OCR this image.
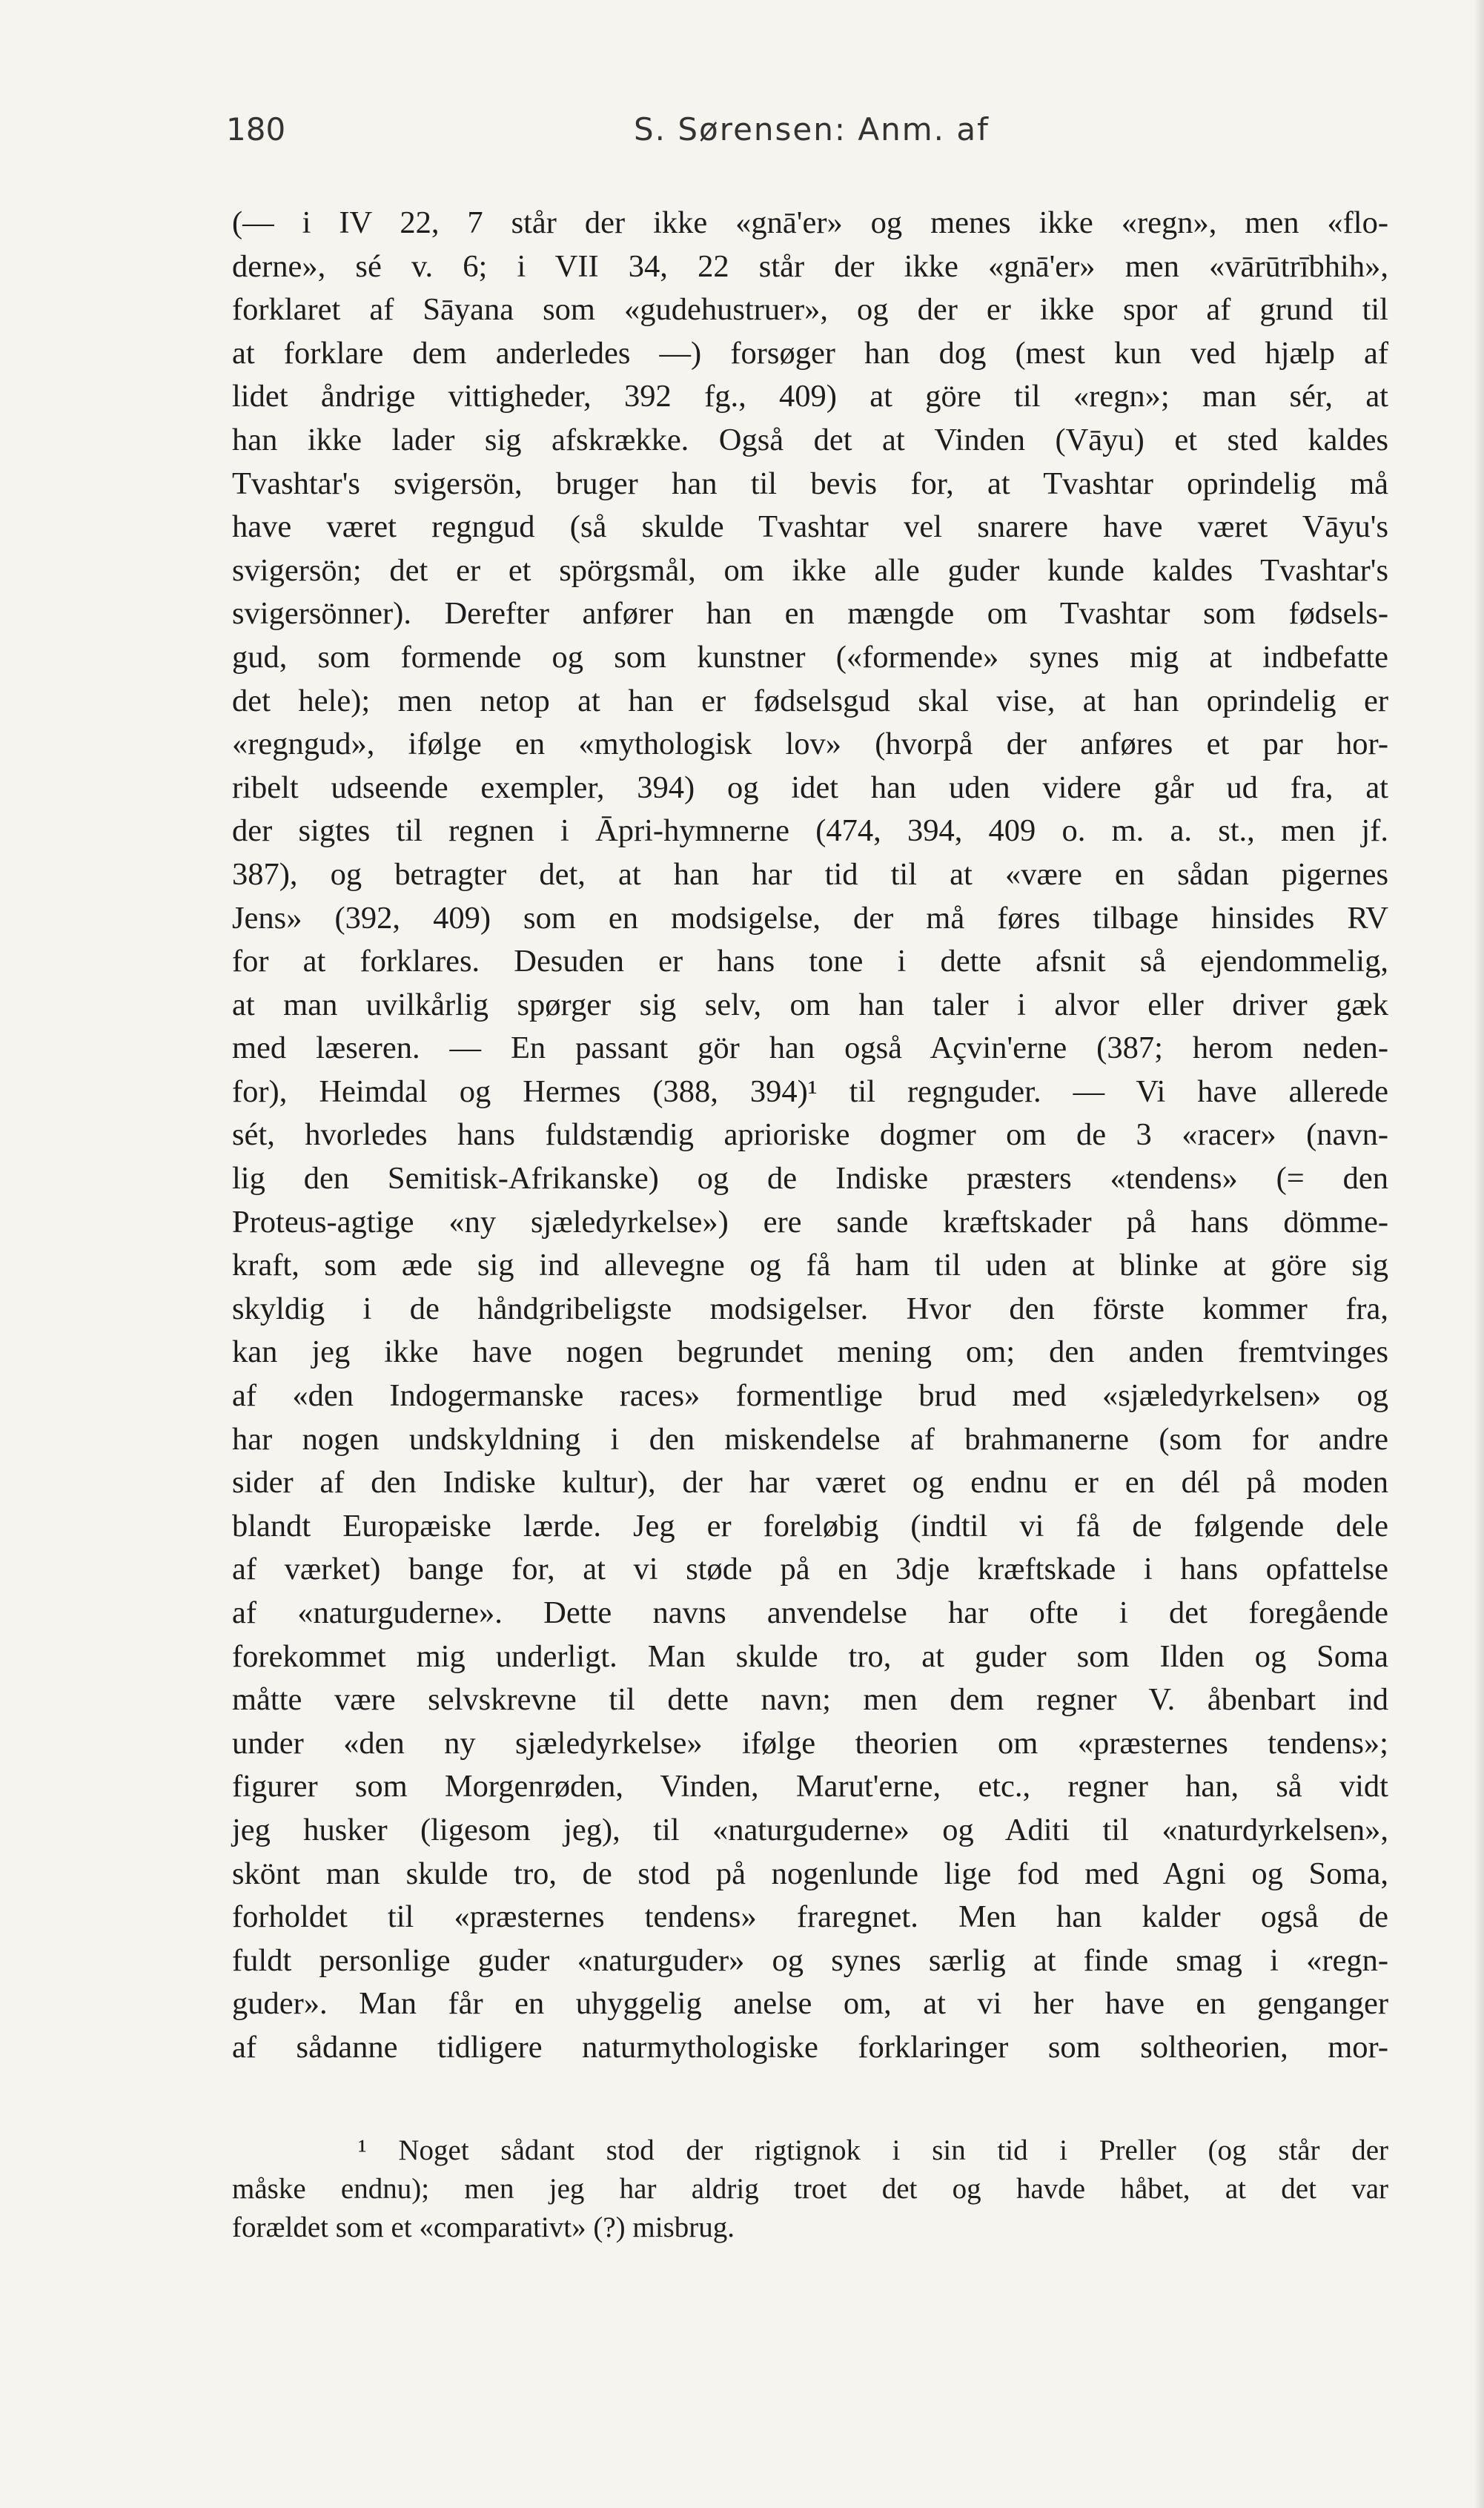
180	S. Sørensen: Anm. af
(— i IV 22, 7 står der ikke «gnā'er» og menes ikke «regn», men «flo-
derne», sé v. 6; i VII 34, 22 står der ikke «gnā'er» men «vārūtrībhih»,
forklaret af Sāyana som «gudehustruer», og der er ikke spor af grund til
at forklare dem anderledes —) forsøger han dog (mest kun ved hjælp af
lidet åndrige vittigheder, 392 fg., 409) at göre til «regn»; man sér, at
han ikke lader sig afskrække. Også det at Vinden (Vāyu) et sted kaldes
Tvashtar's svigersön, bruger han til bevis for, at Tvashtar oprindelig må
have været regngud (så skulde Tvashtar vel snarere have været Vāyu's
svigersön; det er et spörgsmål, om ikke alle guder kunde kaldes Tvashtar's
svigersönner). Derefter anfører han en mængde om Tvashtar som fødsels-
gud, som formende og som kunstner («formende» synes mig at indbefatte
det hele); men netop at han er fødselsgud skal vise, at han oprindelig er
«regngud», ifølge en «mythologisk lov» (hvorpå der anføres et par hor-
ribelt udseende exempler, 394) og idet han uden videre går ud fra, at
der sigtes til regnen i Āpri-hymnerne (474, 394, 409 o. m. a. st., men jf.
387), og betragter det, at han har tid til at «være en sådan pigernes
Jens» (392, 409) som en modsigelse, der må føres tilbage hinsides RV
for at forklares. Desuden er hans tone i dette afsnit så ejendommelig,
at man uvilkårlig spørger sig selv, om han taler i alvor eller driver gæk
med læseren. — En passant gör han også Açvin'erne (387; herom neden-
for), Heimdal og Hermes (388, 394)¹ til regnguder. — Vi have allerede
sét, hvorledes hans fuldstændig aprioriske dogmer om de 3 «racer» (navn-
lig den Semitisk-Afrikanske) og de Indiske præsters «tendens» (= den
Proteus-agtige «ny sjæledyrkelse») ere sande kræftskader på hans dömme-
kraft, som æde sig ind allevegne og få ham til uden at blinke at göre sig
skyldig i de håndgribeligste modsigelser. Hvor den förste kommer fra,
kan jeg ikke have nogen begrundet mening om; den anden fremtvinges
af «den Indogermanske races» formentlige brud med «sjæledyrkelsen» og
har nogen undskyldning i den miskendelse af brahmanerne (som for andre
sider af den Indiske kultur), der har været og endnu er en dél på moden
blandt Europæiske lærde. Jeg er foreløbig (indtil vi få de følgende dele
af værket) bange for, at vi støde på en 3dje kræftskade i hans opfattelse
af «naturguderne». Dette navns anvendelse har ofte i det foregående
forekommet mig underligt. Man skulde tro, at guder som Ilden og Soma
måtte være selvskrevne til dette navn; men dem regner V. åbenbart ind
under «den ny sjæledyrkelse» ifølge theorien om «præsternes tendens»;
figurer som Morgenrøden, Vinden, Marut'erne, etc., regner han, så vidt
jeg husker (ligesom jeg), til «naturguderne» og Aditi til «naturdyrkelsen»,
skönt man skulde tro, de stod på nogenlunde lige fod med Agni og Soma,
forholdet til «præsternes tendens» fraregnet. Men han kalder også de
fuldt personlige guder «naturguder» og synes særlig at finde smag i «regn-
guder». Man får en uhyggelig anelse om, at vi her have en genganger
af sådanne tidligere naturmythologiske forklaringer som soltheorien, mor-
¹ Noget sådant stod der rigtignok i sin tid i Preller (og står der
måske endnu); men jeg har aldrig troet det og havde håbet, at det var
forældet som et «comparativt» (?) misbrug.
